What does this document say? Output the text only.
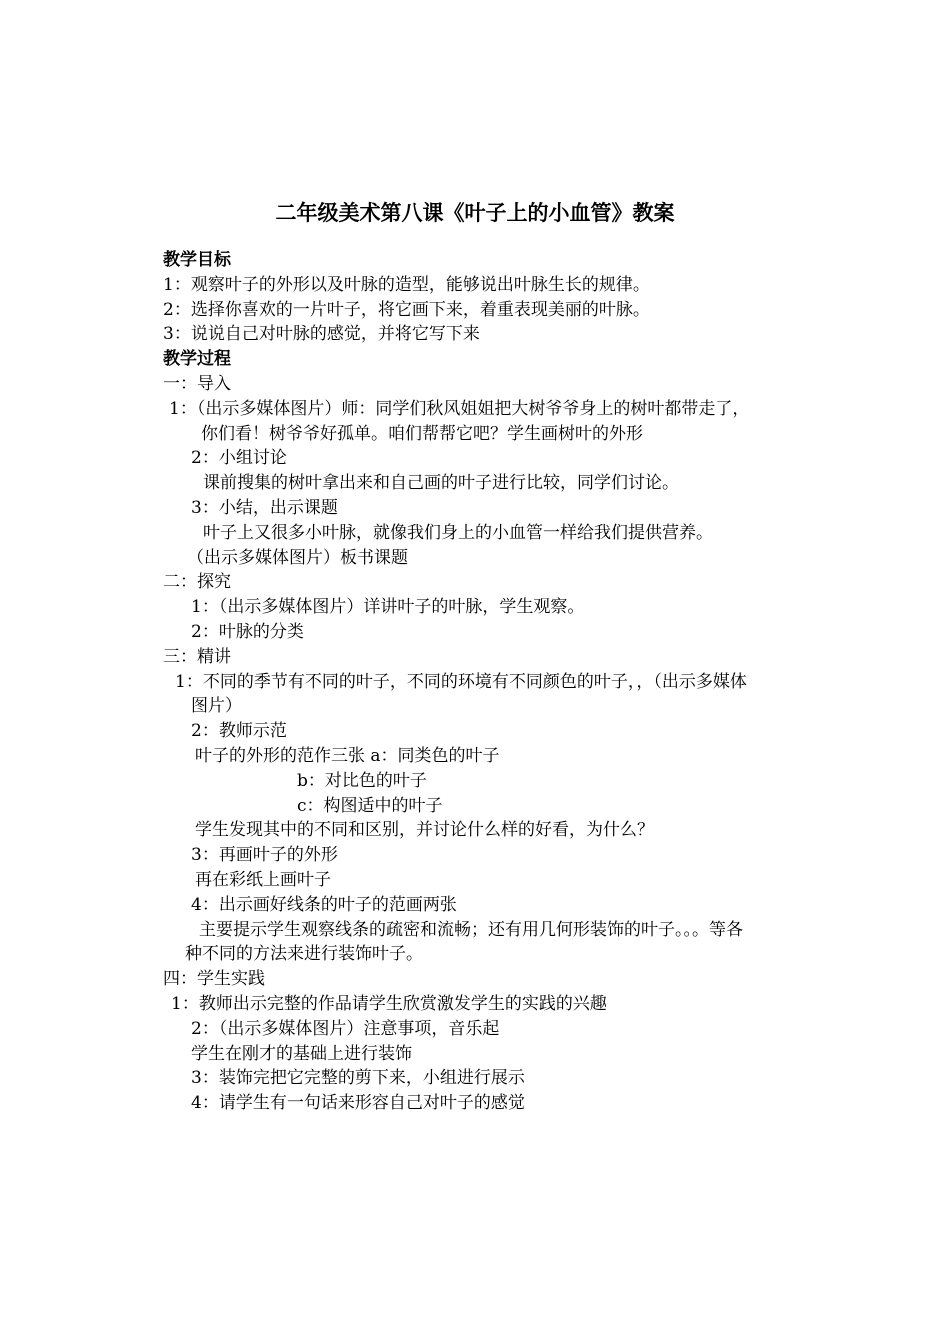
二年级美术第八课《叶子上的小血管》教案
教学目标
1：观察叶子的外形以及叶脉的造型，能够说出叶脉生长的规律。
2：选择你喜欢的一片叶子，将它画下来，着重表现美丽的叶脉。
3：说说自己对叶脉的感觉，并将它写下来
教学过程
一：导入
1：（出示多媒体图片）师：同学们秋风姐姐把大树爷爷身上的树叶都带走了，
你们看！树爷爷好孤单。咱们帮帮它吧？学生画树叶的外形
2：小组讨论
课前搜集的树叶拿出来和自己画的叶子进行比较，同学们讨论。
3：小结，出示课题
叶子上又很多小叶脉，就像我们身上的小血管一样给我们提供营养。
（出示多媒体图片）板书课题
二：探究
1：（出示多媒体图片）详讲叶子的叶脉，学生观察。
2：叶脉的分类
三：精讲
1：不同的季节有不同的叶子，不同的环境有不同颜色的叶子，，（出示多媒体
图片）
2：教师示范
叶子的外形的范作三张 a：同类色的叶子
b：对比色的叶子
c：构图适中的叶子
学生发现其中的不同和区别，并讨论什么样的好看，为什么？
3：再画叶子的外形
再在彩纸上画叶子
4：出示画好线条的叶子的范画两张
主要提示学生观察线条的疏密和流畅；还有用几何形装饰的叶子。。。等各
种不同的方法来进行装饰叶子。
四：学生实践
1：教师出示完整的作品请学生欣赏激发学生的实践的兴趣
2：（出示多媒体图片）注意事项，音乐起
学生在刚才的基础上进行装饰
3：装饰完把它完整的剪下来，小组进行展示
4：请学生有一句话来形容自己对叶子的感觉
